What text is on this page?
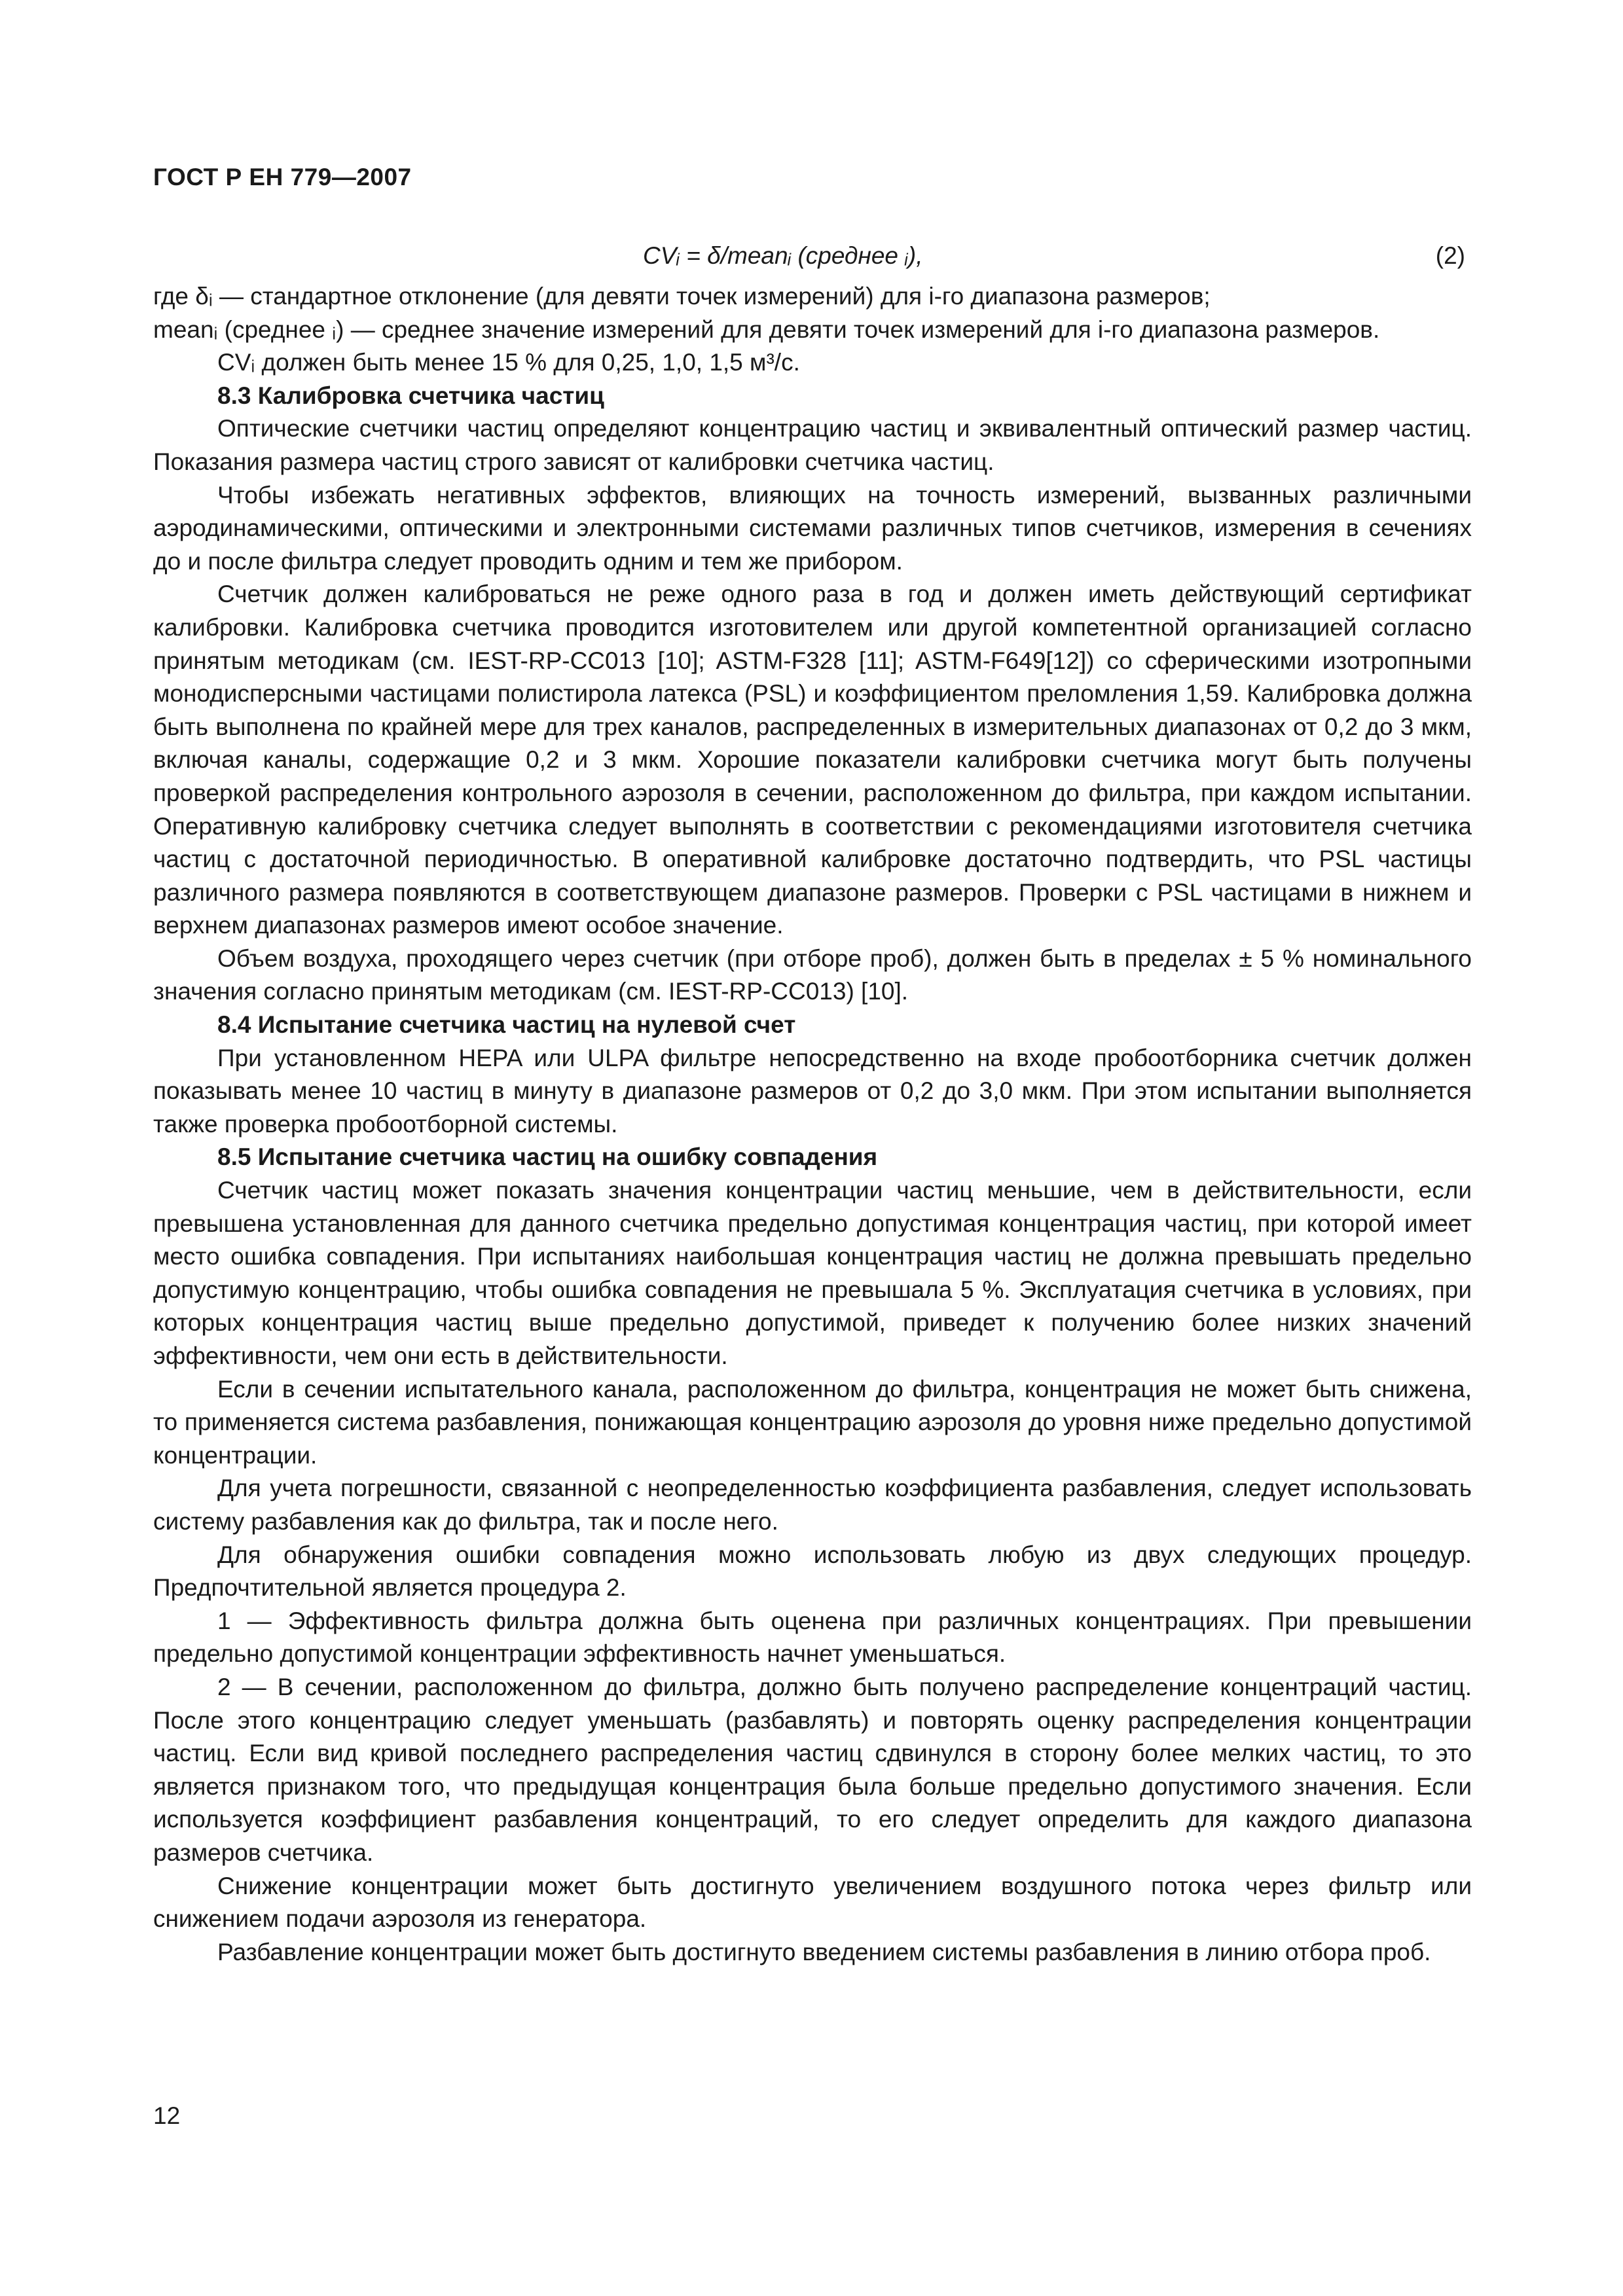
ГОСТ Р ЕН 779—2007
CVᵢ = δ/meanᵢ (среднее ᵢ),	(2)

где δᵢ — стандартное отклонение (для девяти точек измерений) для i-го диапазона размеров;

meanᵢ (среднее ᵢ) — среднее значение измерений для девяти точек измерений для i-го диапазона размеров.

CVᵢ должен быть менее 15 % для 0,25, 1,0, 1,5 м³/с.

8.3 Калибровка счетчика частиц

Оптические счетчики частиц определяют концентрацию частиц и эквивалентный оптический размер частиц. Показания размера частиц строго зависят от калибровки счетчика частиц.

Чтобы избежать негативных эффектов, влияющих на точность измерений, вызванных различными аэродинамическими, оптическими и электронными системами различных типов счетчиков, измерения в сечениях до и после фильтра следует проводить одним и тем же прибором.

Счетчик должен калиброваться не реже одного раза в год и должен иметь действующий сертификат калибровки. Калибровка счетчика проводится изготовителем или другой компетентной организацией согласно принятым методикам (см. IEST-RP-CC013 [10]; ASTM-F328 [11]; ASTM-F649[12]) со сферическими изотропными монодисперсными частицами полистирола латекса (PSL) и коэффициентом преломления 1,59. Калибровка должна быть выполнена по крайней мере для трех каналов, распределенных в измерительных диапазонах от 0,2 до 3 мкм, включая каналы, содержащие 0,2 и 3 мкм. Хорошие показатели калибровки счетчика могут быть получены проверкой распределения контрольного аэрозоля в сечении, расположенном до фильтра, при каждом испытании. Оперативную калибровку счетчика следует выполнять в соответствии с рекомендациями изготовителя счетчика частиц с достаточной периодичностью. В оперативной калибровке достаточно подтвердить, что PSL частицы различного размера появляются в соответствующем диапазоне размеров. Проверки с PSL частицами в нижнем и верхнем диапазонах размеров имеют особое значение.

Объем воздуха, проходящего через счетчик (при отборе проб), должен быть в пределах ± 5 % номинального значения согласно принятым методикам (см. IEST-RP-CC013) [10].

8.4 Испытание счетчика частиц на нулевой счет

При установленном HEPA или ULPA фильтре непосредственно на входе пробоотборника счетчик должен показывать менее 10 частиц в минуту в диапазоне размеров от 0,2 до 3,0 мкм. При этом испытании выполняется также проверка пробоотборной системы.

8.5 Испытание счетчика частиц на ошибку совпадения

Счетчик частиц может показать значения концентрации частиц меньшие, чем в действительности, если превышена установленная для данного счетчика предельно допустимая концентрация частиц, при которой имеет место ошибка совпадения. При испытаниях наибольшая концентрация частиц не должна превышать предельно допустимую концентрацию, чтобы ошибка совпадения не превышала 5 %. Эксплуатация счетчика в условиях, при которых концентрация частиц выше предельно допустимой, приведет к получению более низких значений эффективности, чем они есть в действительности.

Если в сечении испытательного канала, расположенном до фильтра, концентрация не может быть снижена, то применяется система разбавления, понижающая концентрацию аэрозоля до уровня ниже предельно допустимой концентрации.

Для учета погрешности, связанной с неопределенностью коэффициента разбавления, следует использовать систему разбавления как до фильтра, так и после него.

Для обнаружения ошибки совпадения можно использовать любую из двух следующих процедур. Предпочтительной является процедура 2.

1 — Эффективность фильтра должна быть оценена при различных концентрациях. При превышении предельно допустимой концентрации эффективность начнет уменьшаться.

2 — В сечении, расположенном до фильтра, должно быть получено распределение концентраций частиц. После этого концентрацию следует уменьшать (разбавлять) и повторять оценку распределения концентрации частиц. Если вид кривой последнего распределения частиц сдвинулся в сторону более мелких частиц, то это является признаком того, что предыдущая концентрация была больше предельно допустимого значения. Если используется коэффициент разбавления концентраций, то его следует определить для каждого диапазона размеров счетчика.

Снижение концентрации может быть достигнуто увеличением воздушного потока через фильтр или снижением подачи аэрозоля из генератора.

Разбавление концентрации может быть достигнуто введением системы разбавления в линию отбора проб.

12
